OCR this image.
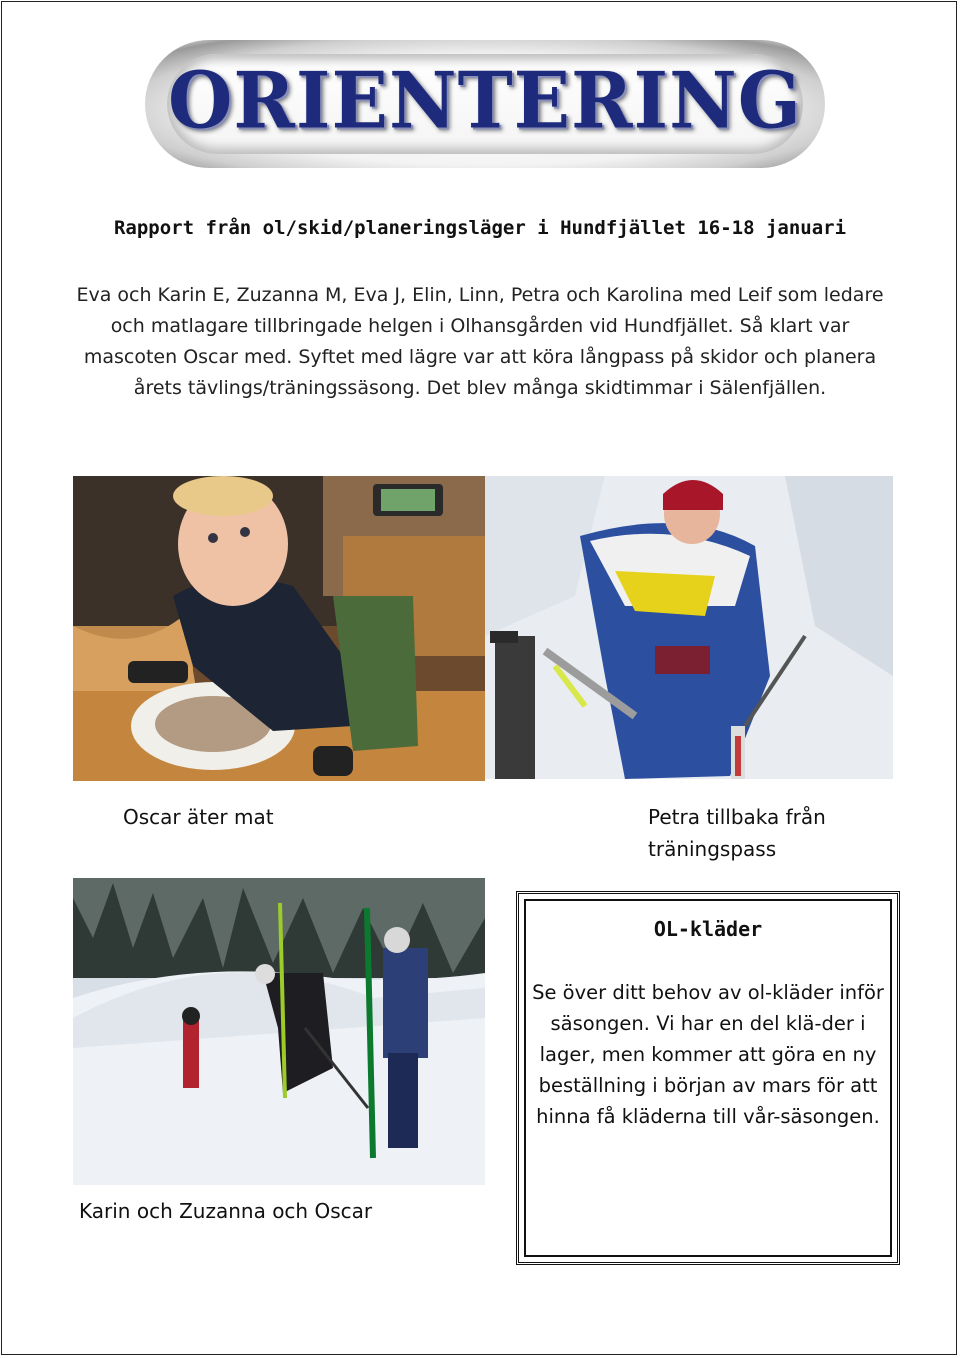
ORIENTERING
Rapport från ol/skid/planeringsläger i Hundfjället 16-18 januari

Eva och Karin E, Zuzanna M, Eva J, Elin, Linn, Petra och Karolina med Leif som ledare och matlagare tillbringade helgen i Olhansgården vid Hundfjället. Så klart var mascoten Oscar med. Syftet med lägre var att köra långpass på skidor och planera årets tävlings/träningssäsong. Det blev många skidtimmar i Sälenfjällen.

Oscar äter mat	Petra tillbaka från träningspass
Karin och Zuzanna och Oscar
OL-kläder

Se över ditt behov av ol-kläder inför säsongen. Vi har en del klä-der i lager, men kommer att göra en ny beställning i början av mars för att hinna få kläderna till vår-säsongen.
